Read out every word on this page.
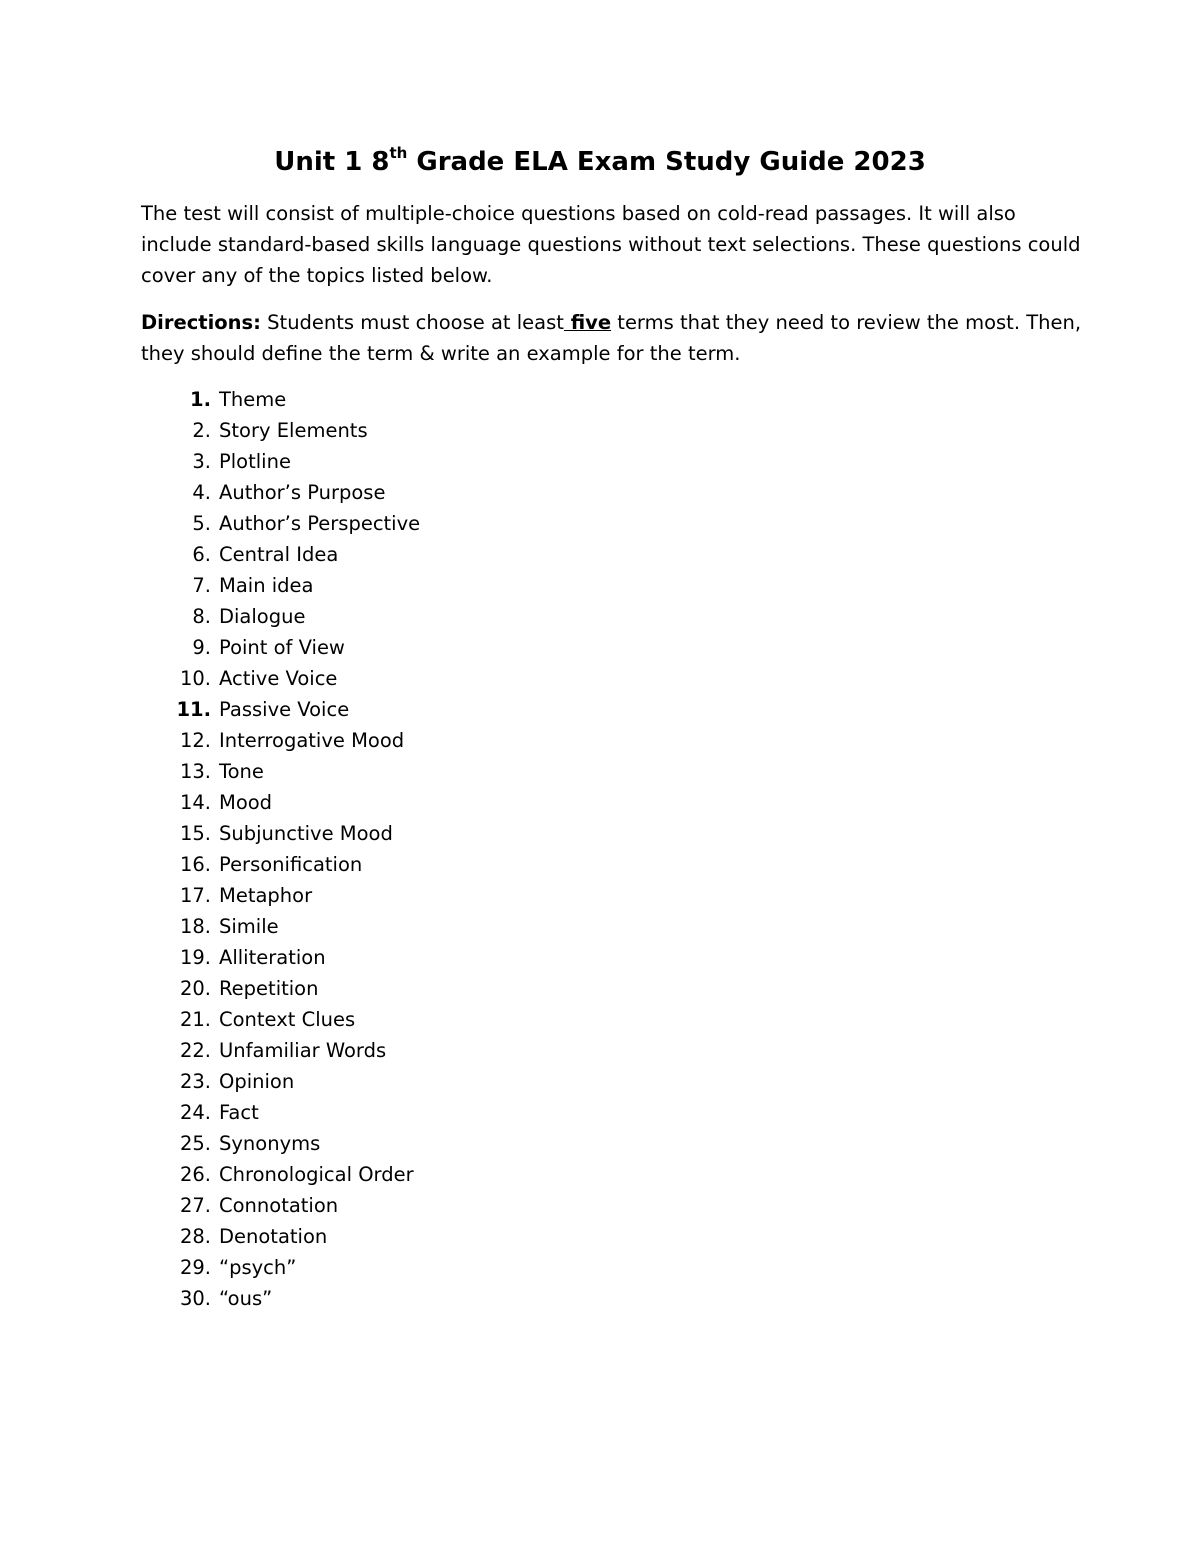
Unit 1 8th Grade ELA Exam Study Guide 2023

The test will consist of multiple-choice questions based on cold-read passages. It will also
include standard-based skills language questions without text selections. These questions could
cover any of the topics listed below.

Directions: Students must choose at least five terms that they need to review the most. Then,
they should define the term & write an example for the term.

1. Theme
2. Story Elements
3. Plotline
4. Author’s Purpose
5. Author’s Perspective
6. Central Idea
7. Main idea
8. Dialogue
9. Point of View
10. Active Voice
11. Passive Voice
12. Interrogative Mood
13. Tone
14. Mood
15. Subjunctive Mood
16. Personification
17. Metaphor
18. Simile
19. Alliteration
20. Repetition
21. Context Clues
22. Unfamiliar Words
23. Opinion
24. Fact
25. Synonyms
26. Chronological Order
27. Connotation
28. Denotation
29. “psych”
30. “ous”
